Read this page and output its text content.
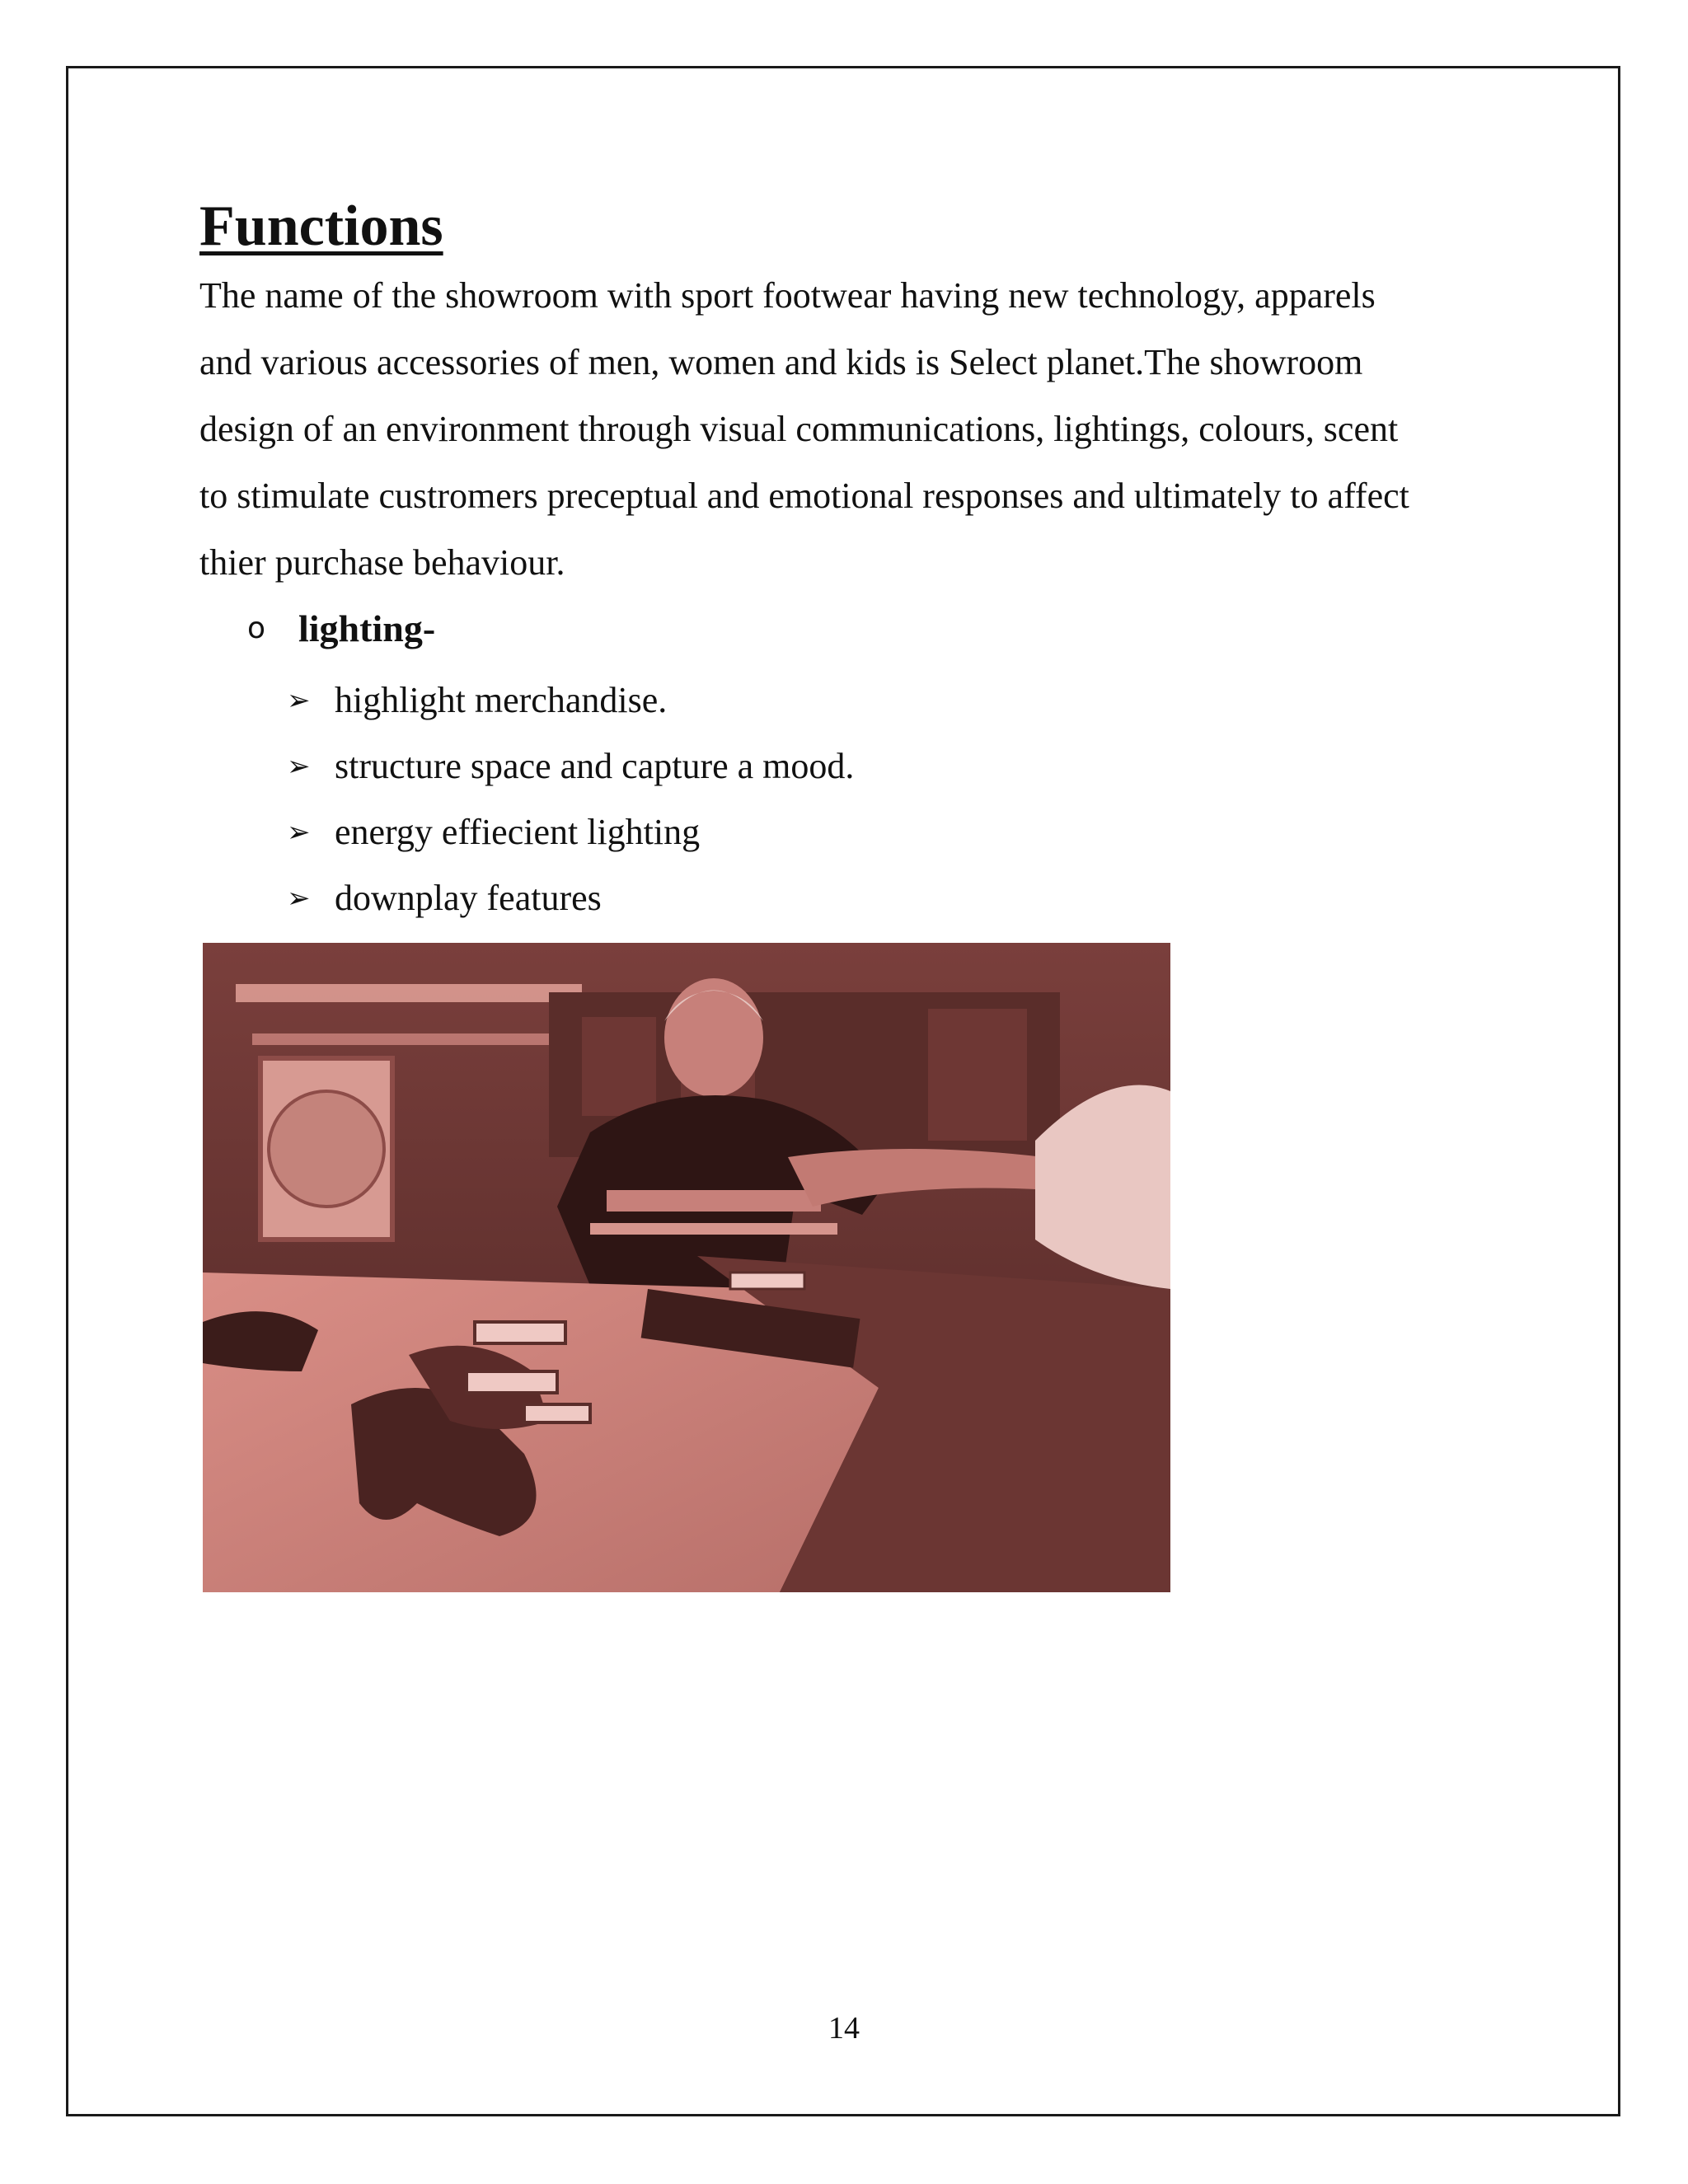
Functions

The name of the showroom with sport footwear having new technology, apparels
and various accessories of men, women and kids is Select planet.The showroom
design of an environment through visual communications, lightings, colours, scent
to stimulate custromers preceptual and emotional responses and ultimately to affect
thier purchase behaviour.

o lighting-
➢ highlight merchandise.
➢ structure space and capture a mood.
➢ energy effiecient lighting
➢ downplay features
14
